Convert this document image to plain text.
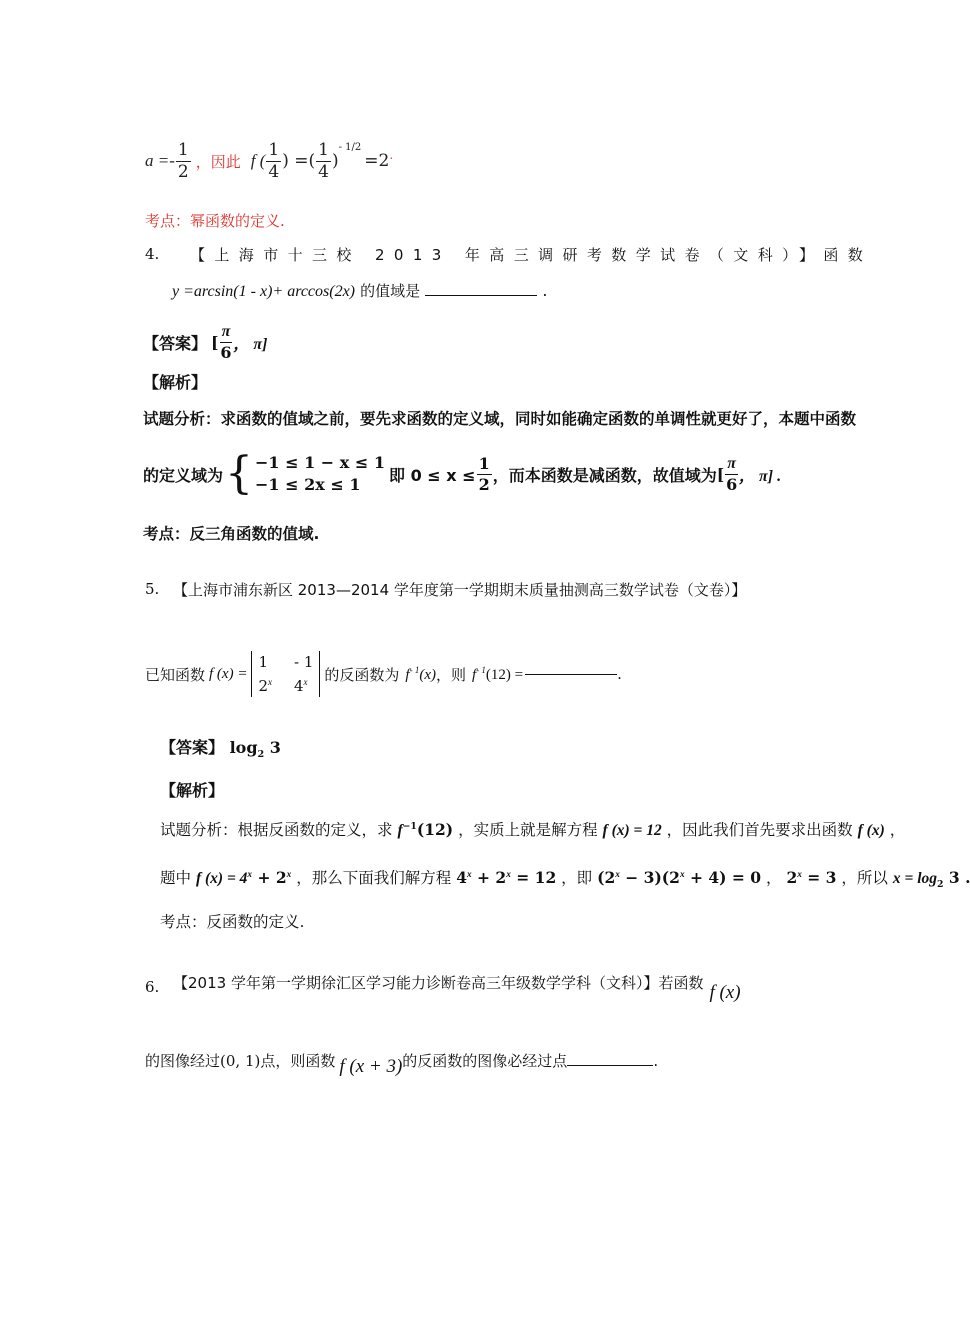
$a =- \frac{1}{2}$ ，因此 f ( $\frac{1}{4}$ ) =( $\frac{1}{4}$ )
- 1/2
=2 .
考点：幂函数的定义.
4. 【上海市十三校 2013 年高三调研考数学试卷（文科）】函数
y =arcsin(1 - x)+ arccos(2x) 的值域是	.
【答案】 [ $\frac{\pi}{6}$ ， π]
【解析】
试题分析：求函数的值域之前，要先求函数的定义域，同时如能确定函数的单调性就更好了，本题中函数
的定义域为 { −1 ≤ 1 − x ≤ 1
−1 ≤ 2x ≤ 1	即 $0 \le x \le \frac{1}{2}$ ，而本函数是减函数，故值域为 [ $\frac{\pi}{6}$ ， π] .
考点：反三角函数的值域.
5. 【上海市浦东新区 2013—2014 学年度第一学期期末质量抽测高三数学试卷（文卷）】
已知函数 f (x) =
1 - 1
2$^x$ 4$^x$	的反函数为 $f^{- 1}(x)$ ，则 $f^{- 1}(12)$ =	.
【答案】 $\log_2 3$
【解析】
试题分析：根据反函数的定义，求 $f^{-1}(12)$ ，实质上就是解方程 f (x) = 12 ，因此我们首先要求出函数 f (x) ，
题中 f $(x) = 4^x + 2^x$ ，那么下面我们解方程 $4^x + 2^x = 12$ ，即 $(2^x - 3)(2^x + 4) = 0$ ， $2^x = 3$ ，所以 $x = \log_2 3$ .
考点：反函数的定义.
6. 【2013 学年第一学期徐汇区学习能力诊断卷高三年级数学学科（文科）】若函数 f (x)
的图像经过 (0, 1) 点，则函数 f (x + 3) 的反函数的图像必经过点	.
